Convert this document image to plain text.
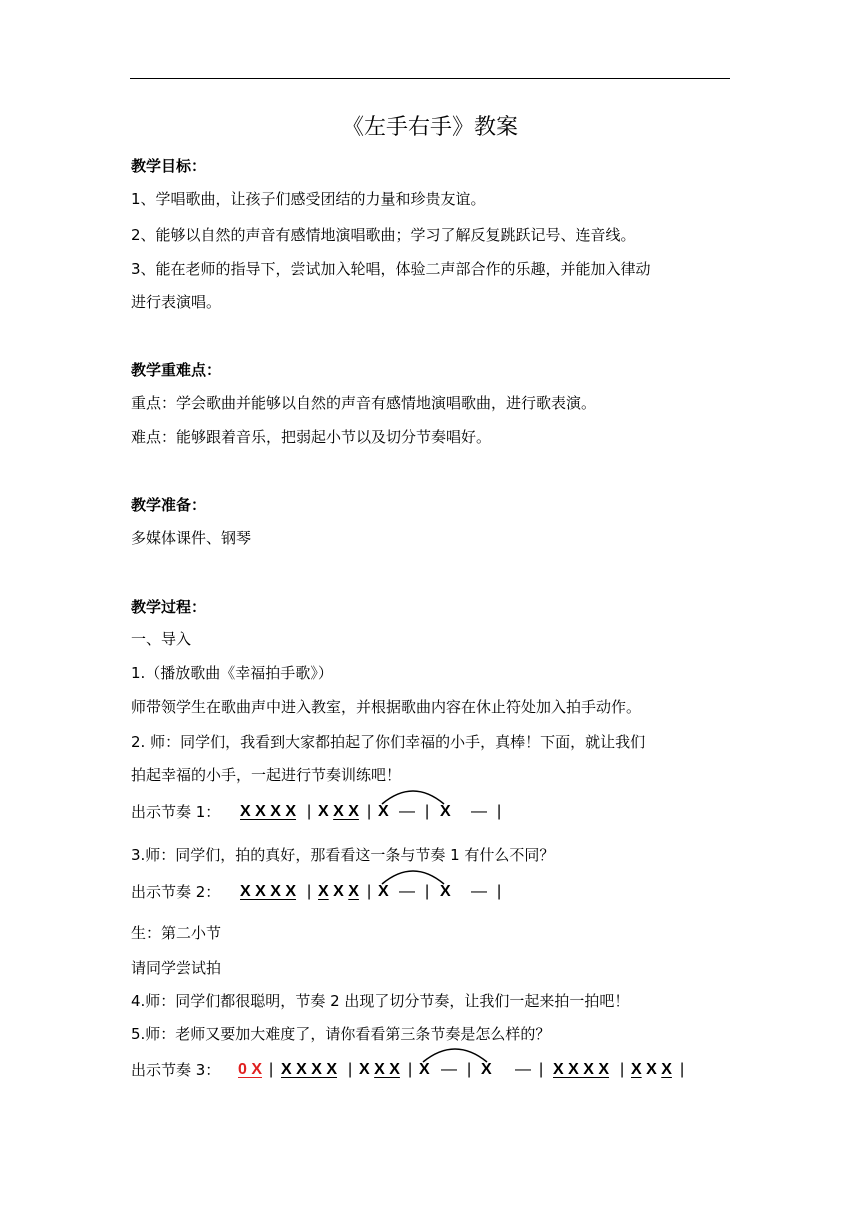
《左手右手》教案
教学目标：
1、学唱歌曲，让孩子们感受团结的力量和珍贵友谊。
2、能够以自然的声音有感情地演唱歌曲；学习了解反复跳跃记号、连音线。
3、能在老师的指导下，尝试加入轮唱，体验二声部合作的乐趣，并能加入律动
进行表演唱。
教学重难点：
重点：学会歌曲并能够以自然的声音有感情地演唱歌曲，进行歌表演。
难点：能够跟着音乐，把弱起小节以及切分节奏唱好。
教学准备：
多媒体课件、钢琴
教学过程：
一、导入
1.（播放歌曲《幸福拍手歌》）
师带领学生在歌曲声中进入教室，并根据歌曲内容在休止符处加入拍手动作。
2. 师：同学们，我看到大家都拍起了你们幸福的小手，真棒！下面，就让我们
拍起幸福的小手，一起进行节奏训练吧！
出示节奏 1： X X X X | X X X | X — | X — |
3.师：同学们，拍的真好，那看看这一条与节奏 1 有什么不同？
出示节奏 2： X X X X | X X X | X — | X — |
生：第二小节
请同学尝试拍
4.师：同学们都很聪明，节奏 2 出现了切分节奏，让我们一起来拍一拍吧！
5.师：老师又要加大难度了，请你看看第三条节奏是怎么样的？
出示节奏 3： 0 X | X X X X | X X X | X — | X — | X X X X | X X X |
